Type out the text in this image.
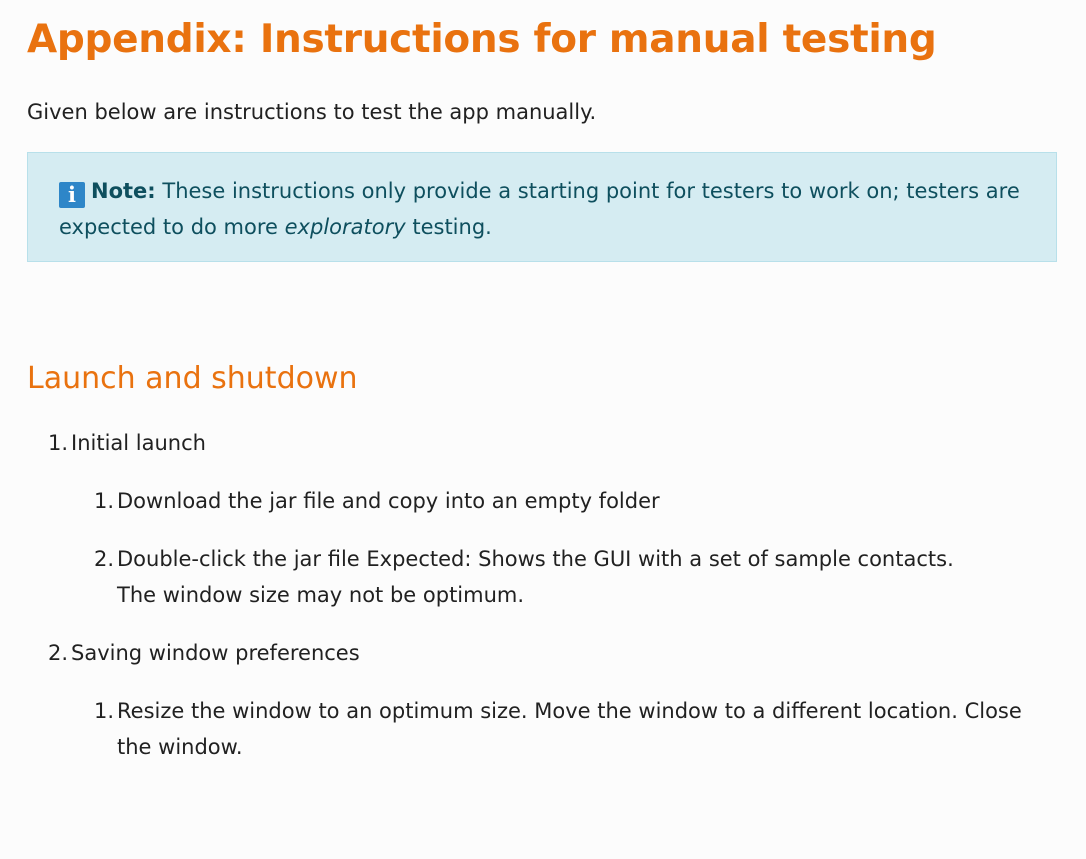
Appendix: Instructions for manual testing

Given below are instructions to test the app manually.

i Note: These instructions only provide a starting point for testers to work on; testers are expected to do more exploratory testing.
Launch and shutdown
1. Initial launch
1. Download the jar file and copy into an empty folder
2. Double-click the jar file Expected: Shows the GUI with a set of sample contacts. The window size may not be optimum.
2. Saving window preferences
1. Resize the window to an optimum size. Move the window to a different location. Close the window.
